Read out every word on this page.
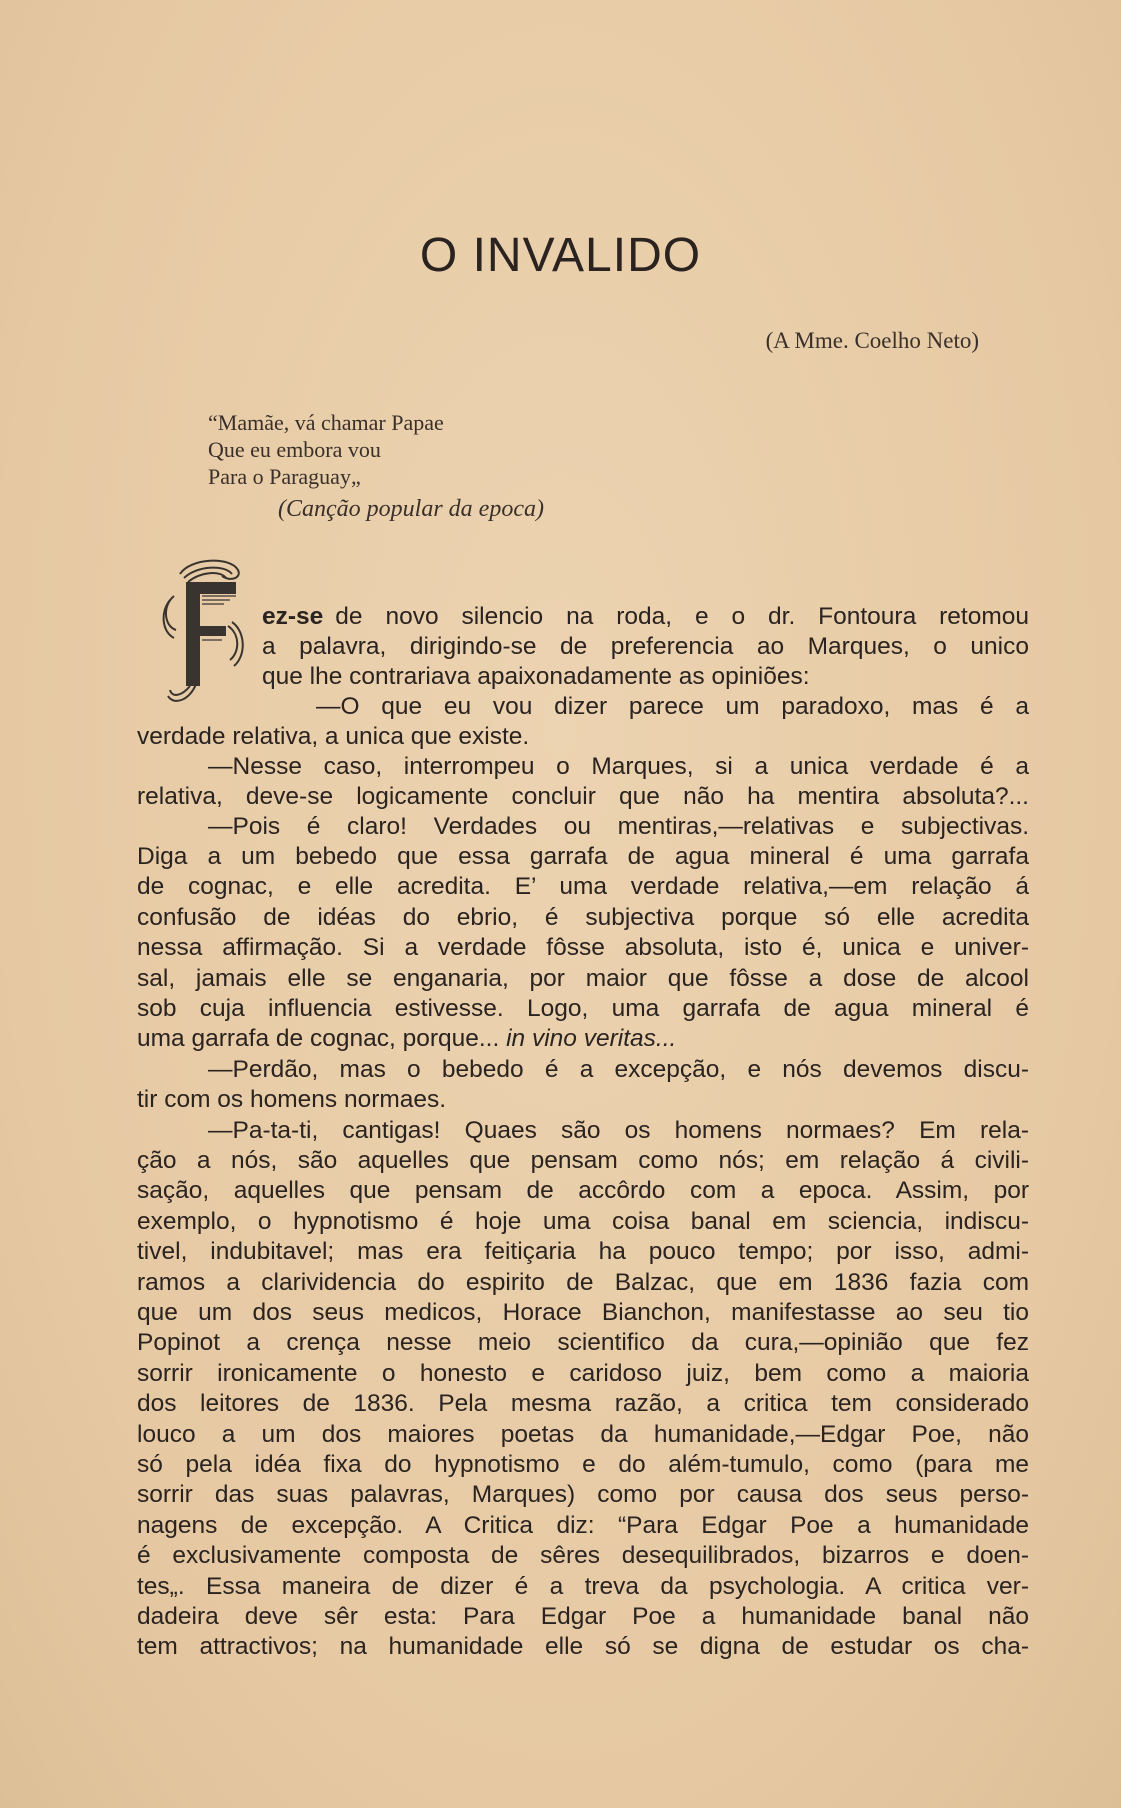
O INVALIDO
(A Mme. Coelho Neto)
“Mamãe, vá chamar Papae
Que eu embora vou
Para o Paraguay„
(Canção popular da epoca)
F
ez-se de novo silencio na roda, e o dr. Fontoura retomou
a palavra, dirigindo-se de preferencia ao Marques, o unico
que lhe contrariava apaixonadamente as opiniões:
—O que eu vou dizer parece um paradoxo, mas é a
verdade relativa, a unica que existe.
—Nesse caso, interrompeu o Marques, si a unica verdade é a
relativa, deve-se logicamente concluir que não ha mentira absoluta?...
—Pois é claro! Verdades ou mentiras,—relativas e subjectivas.
Diga a um bebedo que essa garrafa de agua mineral é uma garrafa
de cognac, e elle acredita. E’ uma verdade relativa,—em relação á
confusão de idéas do ebrio, é subjectiva porque só elle acredita
nessa affirmação. Si a verdade fôsse absoluta, isto é, unica e univer-
sal, jamais elle se enganaria, por maior que fôsse a dose de alcool
sob cuja influencia estivesse. Logo, uma garrafa de agua mineral é
uma garrafa de cognac, porque... in vino veritas...
—Perdão, mas o bebedo é a excepção, e nós devemos discu-
tir com os homens normaes.
—Pa-ta-ti, cantigas! Quaes são os homens normaes? Em rela-
ção a nós, são aquelles que pensam como nós; em relação á civili-
sação, aquelles que pensam de accôrdo com a epoca. Assim, por
exemplo, o hypnotismo é hoje uma coisa banal em sciencia, indiscu-
tivel, indubitavel; mas era feitiçaria ha pouco tempo; por isso, admi-
ramos a clarividencia do espirito de Balzac, que em 1836 fazia com
que um dos seus medicos, Horace Bianchon, manifestasse ao seu tio
Popinot a crença nesse meio scientifico da cura,—opinião que fez
sorrir ironicamente o honesto e caridoso juiz, bem como a maioria
dos leitores de 1836. Pela mesma razão, a critica tem considerado
louco a um dos maiores poetas da humanidade,—Edgar Poe, não
só pela idéa fixa do hypnotismo e do além-tumulo, como (para me
sorrir das suas palavras, Marques) como por causa dos seus perso-
nagens de excepção. A Critica diz: “Para Edgar Poe a humanidade
é exclusivamente composta de sêres desequilibrados, bizarros e doen-
tes„. Essa maneira de dizer é a treva da psychologia. A critica ver-
dadeira deve sêr esta: Para Edgar Poe a humanidade banal não
tem attractivos; na humanidade elle só se digna de estudar os cha-
